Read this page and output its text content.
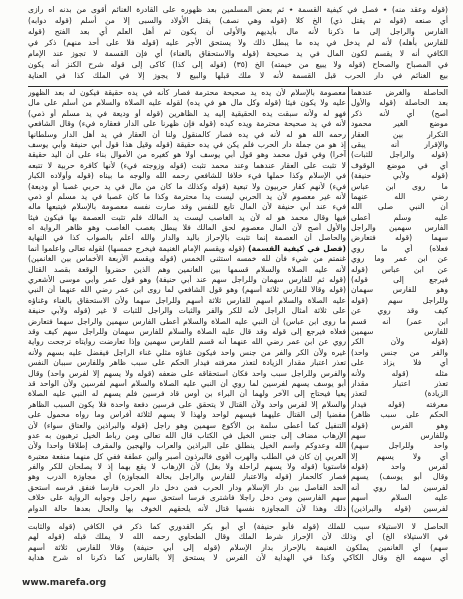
(قوله وعقد منه) ٭ فصل في كيفية القسمة ٭ ثم بعض المسلمين بعد ظهوره على القادرة الغنائم أقوى من بدنه اه رازى
أي صنعه (قوله ثم يقتل ذي) الخ كلا (قوله وهي نصف) يقتل الأولاد والسبى إلا من أسلم (قوله دوابه)
الفارس والراجل إلى ما ذكرنا لأنه مال بأيديهم والأولى أن يكون ثم أهل العلم أي بعد الفتح (قوله
للفارس بأهله) لأنه لم يدخل في يده ما يبطل ذلك ولا يستحق الأجر عليه (قوله فلا على أحد منهم) ذكر في
الكافي أنه لا يقسم لكون المال في يد صحيحة (قوله والاستحقاق بالغناء) أي فإن القسمة لا تجوز عند الإمام
في المصباح والصحاح (قوله ولا يبيع من خيمته) الخ (٣٥) (قوله إلى كذا) كاكى إلى قوله شرح الكنز أنه يكون
بيع الغنائم في دار الحرب قبل القسمة لأنه لا ملك قبلها والبيع لا يجوز إلا في الملك كذا في العناية
معصومة بالإسلام لأن يده يد صحيحة محترمة فصار كأنه في يده حقيقة فيكون له بعد الظهور
عليه ولا يكون فيئا (قوله وكل مال هو في يده) لقوله عليه الصلاة والسلام من أسلم على مال
فهو له ولأنه سبقت يده الحقيقية إليه يد الظاهرين (قوله أو وديعة في يد مسلم أو ذمي)
لأنه في يد صحيحة محترمة ويده كيده (قوله فإن ظهرنا على الدار فعقاره فيء) وقال الشافعي
رحمه الله هو له لأنه في يده فصار كالمنقول ولنا أن العقار في يد أهل الدار وسلطانها
إذ هو من جملة دار الحرب فلم يكن في يده حقيقة (قوله وقيل هذا قول أبي حنيفة وأبي يوسف
آخرا) وفي قول محمد وهو قول أبي يوسف أولا هو كغيره من الأموال بناء على أن اليد حقيقة
لا تثبت على العقار عندهما وعند محمد تثبت (قوله وزوجته فيء) لأنها كافرة حربية لا تتبعه
في الإسلام وكذا حملها فيء خلافا للشافعي رحمه الله والوجه ما بيناه (قوله وأولاده الكبار
فيء) لأنهم كفار حربيون ولا تبعية (قوله وكذلك ما كان من مال في يد حربي غصبا أو وديعة)
لأنه غير معصوم لأن يد الحربي ليست يدا محترمة وكذا ما كان غصبا في يد مسلم أو ذمي
فيء عند أبي حنيفة لأن المال تابع للنفس وقد صارت نفسه معصومة بالإسلام فيتبعها ماله
فيها وقال محمد هو له لأن يد الغاصب ليست يد المالك فلم تثبت العصمة بها فيكون فيئا
والأول أصح لأن المال معصوم لحق المالك فلا يبطل بغصب الغاصب وهو ظاهر الرواية اه
والحاصل أن العصمة إنما تثبت بالإحراز باليد والدار والله أعلم بالصواب كذا في النهاية
(فصل في كيفية القسمة) (قوله ويقسم الإمام الغنيمة فيخرج خمسها) لقوله تعالى واعلموا أنما
غنمتم من شيء فأن لله خمسه استثنى الخمس (قوله ويقسم الأربعة الأخماس بين الغانمين)
لأنه عليه الصلاة والسلام قسمها بين الغانمين وهم الذين حضروا الوقعة بقصد القتال
(قوله ثم للفارس سهمان وللراجل سهم عند أبي حنيفة) وهو قول عمر وأبي موسى الأشعري
(قوله وقالا للفارس ثلاثة أسهم) وهو قول الشافعي لما روى ابن عمر رضي الله عنهما أن النبي
عليه الصلاة والسلام أسهم للفارس ثلاثة أسهم وللراجل سهما ولأن الاستحقاق بالغناء وغناؤه
على ثلاثة أمثال الراجل لأنه للكر والفر والثبات والراجل للثبات لا غير (قوله ولأبي حنيفة
ما روى ابن عباس) أن النبي عليه الصلاة والسلام أعطى الفارس سهمين والراجل سهما فتعارض
فعلاه فيرجع إلى قوله وقد قال عليه الصلاة والسلام للفارس سهمان وللراجل سهم كيف وقد
روي عن ابن عمر رضي الله عنهما أنه قسم للفارس سهمين وإذا تعارضت روايتاه ترجحت رواية
غيره ولأن الكر والفر من جنس واحد فيكون غناؤه مثلي غناء الراجل فيفضل عليه بسهم ولأنه
تعذر اعتبار مقدار الزيادة لتعذر معرفته فيدار الحكم على سبب ظاهر وللفارس سببان النفس
والفرس وللراجل سبب واحد فكان استحقاقه على ضعفه (قوله ولا يسهم إلا لفرس واحد) وقال
أبو يوسف يسهم لفرسين لما روي أن النبي عليه الصلاة والسلام أسهم لفرسين ولأن الواحد قد
يعيا فيحتاج إلى الآخر ولهما أن البراء بن أوس قاد فرسين فلم يسهم له النبي عليه الصلاة
والسلام إلا لفرس واحد ولأن القتال لا يتحقق على فرسين دفعة واحدة فلا يكون السبب الظاهر
مفضيا إلى القتال عليهما فيسهم لواحد ولهذا لا يسهم لثلاثة أفراس وما رواه محمول على
التنفيل كما أعطى سلمة بن الأكوع سهمين وهو راجل (قوله والبراذين والعتاق سواء) لأن
الإرهاب مضاف إلى جنس الخيل في الكتاب قال الله تعالى ومن رباط الخيل ترهبون به عدو
الله وعدوكم واسم الخيل ينطلق على البراذين والعراب والهجين والمقرف إطلاقا واحدا ولأن
العربي إن كان في الطلب والهرب أقوى فالبرذون أصبر وألين عطفة ففي كل منهما منفعة معتبرة
فاستويا (قوله ولا يسهم لراحلة ولا بغل) لأن الإرهاب لا يقع بهما إذ لا يصلحان للكر والفر
فصار كالحمار (قوله والاعتبار للفارس والراجل بحالة المجاوزة) أي مجاوزة الدرب وهو
الحد الفاصل بين دار الإسلام ودار الحرب فمن دخل دار الحرب فارسا فنفق فرسه استحق
سهم الفارسين ومن دخل راجلا فاشترى فرسا استحق سهم راجل وجوابه الرواية على خلاف
ذلك وهذا لأن المجاوزة نفسها قتال لأنه يلحقهم الخوف بها والحال بعدها حالة الدوام
الحاصلة والغرض عندهما
بعد الحاصلة (قوله والأول
أصح) أي لأنه ذكر
موضع الغير محمود
التكرار بين العقار
والإقرار أنه يبقى
(قوله والراجل للثبات)
أي في موضع الوقوف
(قوله ولأبي حنيفة)
ما روى ابن عباس
رضي الله عنهما
أن النبي صلى الله
عليه وسلم أعطى
الفارس سهمين والراجل
سهما (قوله فتعارض
فعلاه) أي ما روي
عن ابن عمر وما روي
عن ابن عباس (قوله
فيرجع إلى قوله)
وهو للفارس سهمان
وللراجل سهم (قوله
كيف وقد روي عن
ابن عمر) أنه قسم
للفارس سهمين
(قوله ولأن الكر
والفر من جنس واحد)
أي فلا يزاد على
مثله (قوله ولأنه
تعذر اعتبار مقدار
الزيادة) لتعذر
معرفته (قوله فيدار
الحكم على سبب ظاهر)
وهو الفرس (قوله
وللفارس سهم
واحد وللراجل سهم)
أي ولا يسهم إلا
لفرس واحد (قوله
وقال أبو يوسف) يسهم
لفرسين لما روي أنه
عليه السلام أسهم
لفرسين (قوله والبراذين)
الحاصل لا الاستيلاء سبب للملك (قوله فأبو حنيفة) أي أبو بكر القدوري كما ذكر في الكافي (قوله والثابت
في الاستيلاء الخ) أي وذلك لأن الإحراز شرط الملك وقال الطحاوي رحمه الله لا يملك قبله (قوله لهم
سهم) أي الغانمين يملكون الغنيمة بالإحراز بدار الإسلام (قوله إلى أبي حنيفة) وقالا للفارس ثلاثة أسهم
أي سهمه الخ وقال الكاكي وكذا في الهداية لأن الفرس لا يستحق إلا بالفارس كما ذكرنا اه شرح هداية
www.marefa.org
